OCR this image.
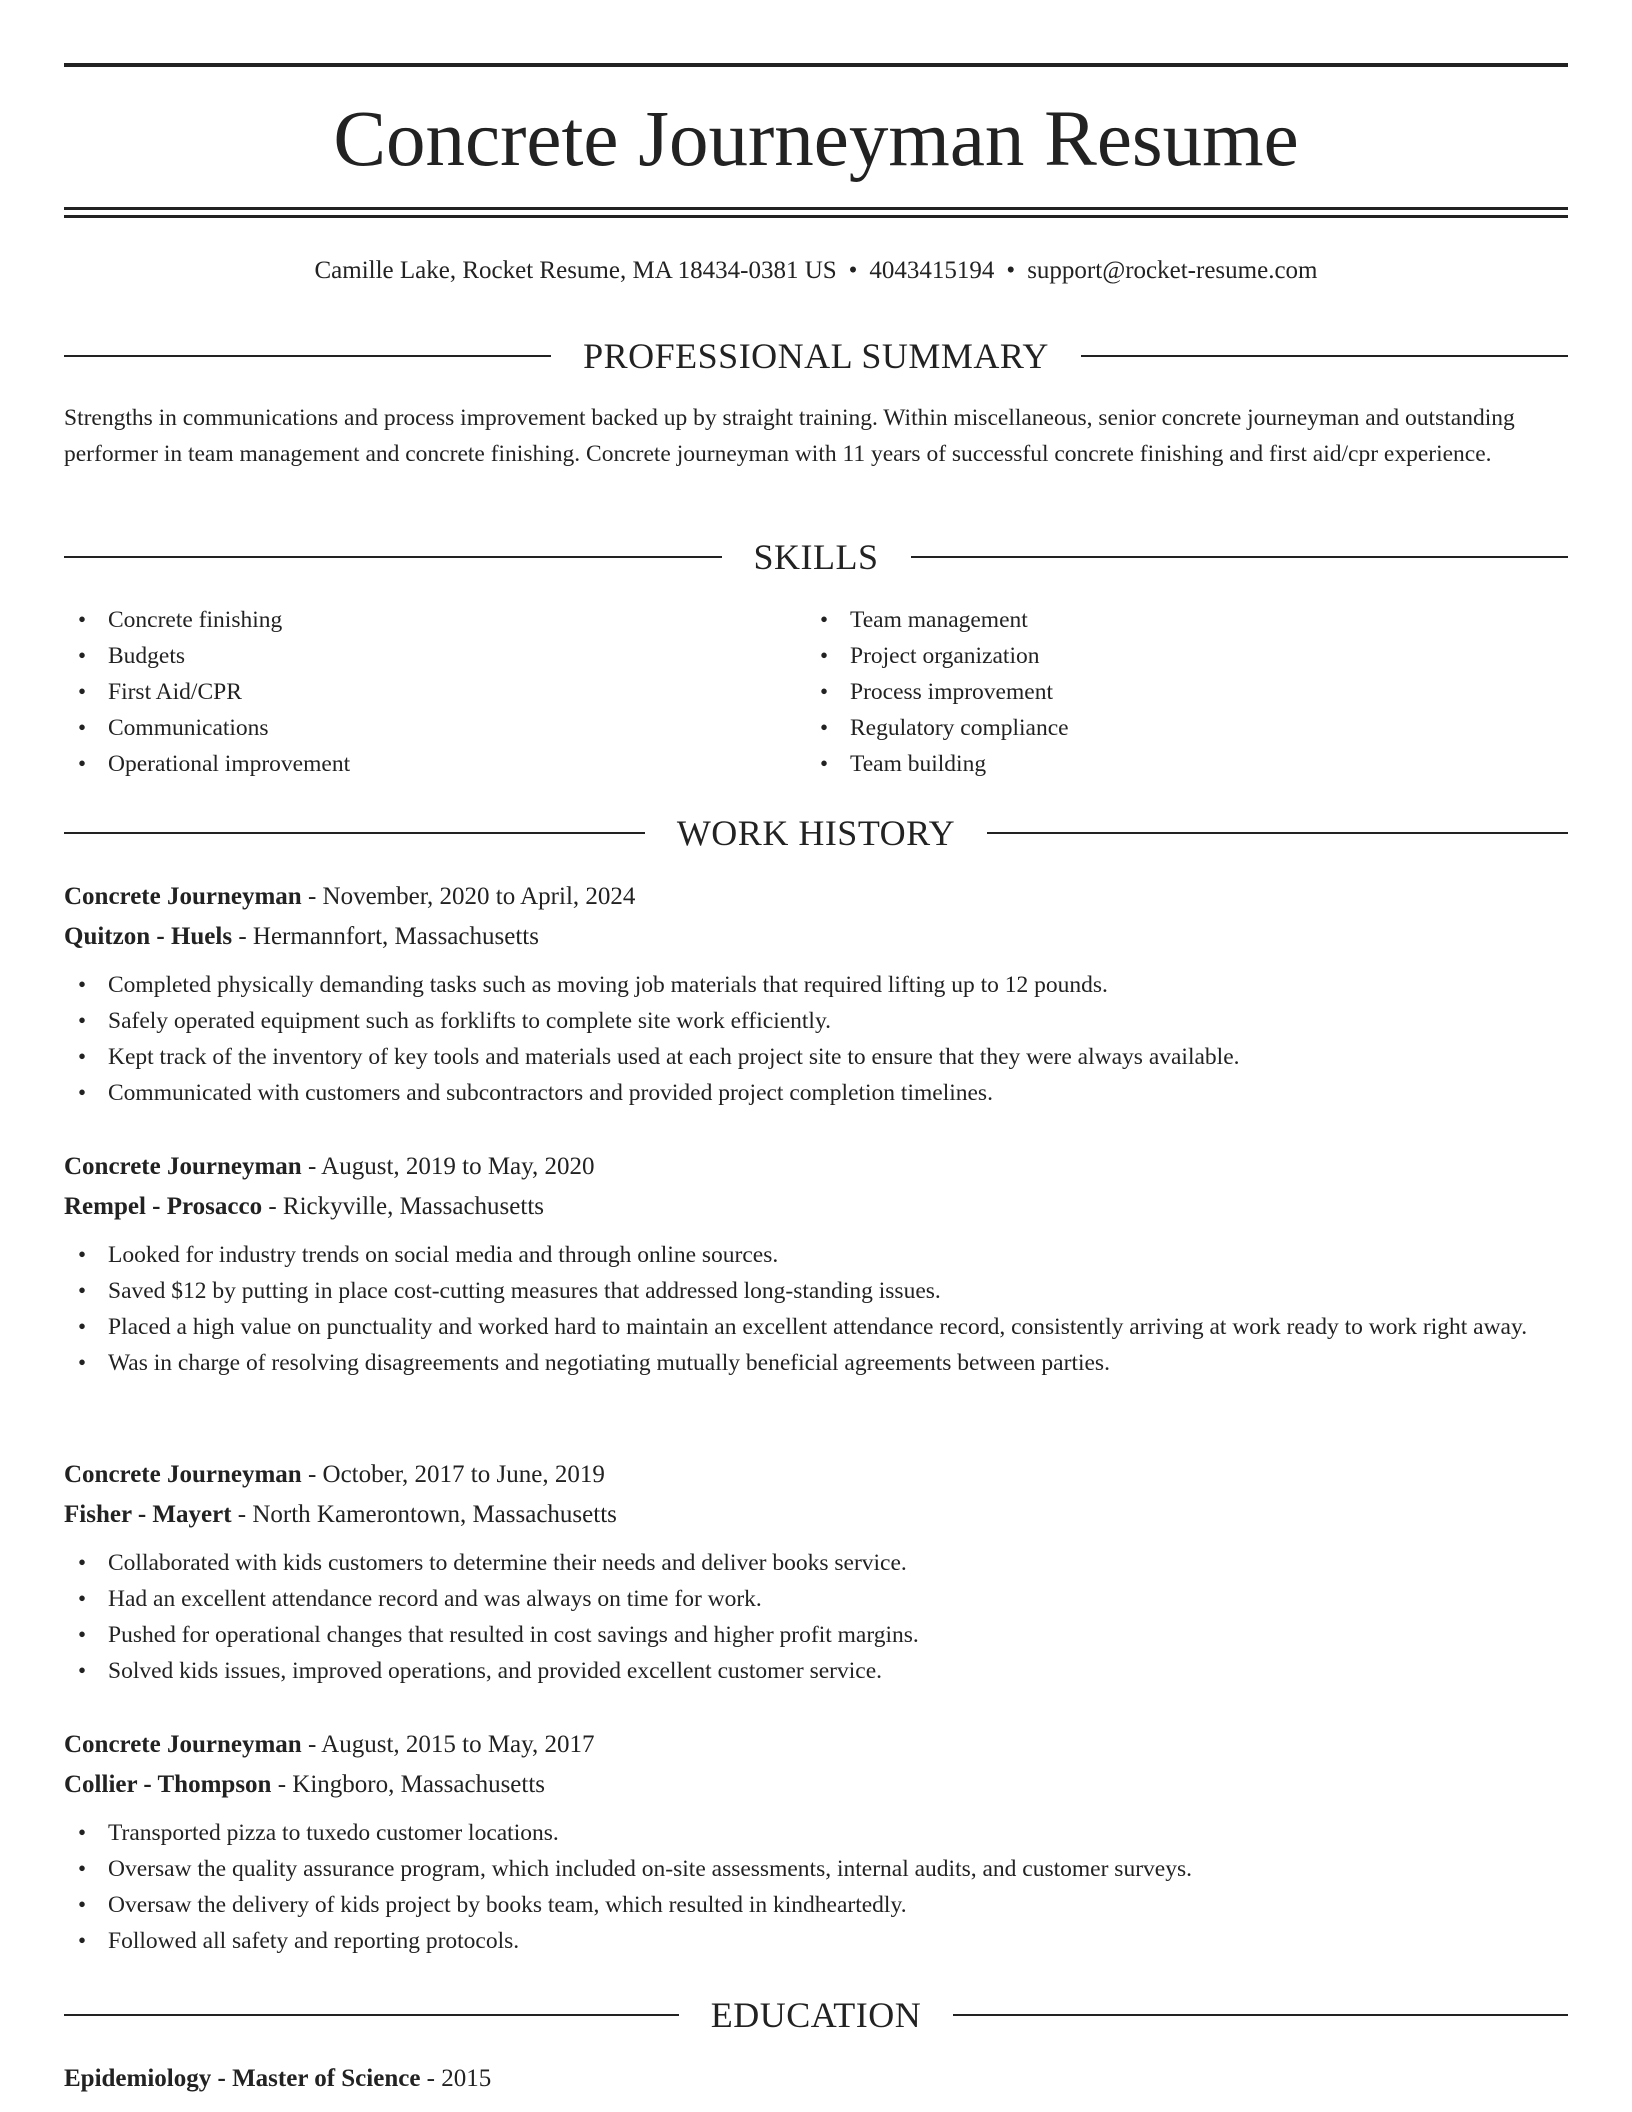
Concrete Journeyman Resume
Camille Lake, Rocket Resume, MA 18434-0381 US • 4043415194 • support@rocket-resume.com
PROFESSIONAL SUMMARY

Strengths in communications and process improvement backed up by straight training. Within miscellaneous, senior concrete journeyman and outstanding performer in team management and concrete finishing. Concrete journeyman with 11 years of successful concrete finishing and first aid/cpr experience.

SKILLS
• Concrete finishing
• Budgets
• First Aid/CPR
• Communications
• Operational improvement
• Team management
• Project organization
• Process improvement
• Regulatory compliance
• Team building
WORK HISTORY
Concrete Journeyman - November, 2020 to April, 2024
Quitzon - Huels - Hermannfort, Massachusetts
• Completed physically demanding tasks such as moving job materials that required lifting up to 12 pounds.
• Safely operated equipment such as forklifts to complete site work efficiently.
• Kept track of the inventory of key tools and materials used at each project site to ensure that they were always available.
• Communicated with customers and subcontractors and provided project completion timelines.
Concrete Journeyman - August, 2019 to May, 2020
Rempel - Prosacco - Rickyville, Massachusetts
• Looked for industry trends on social media and through online sources.
• Saved $12 by putting in place cost-cutting measures that addressed long-standing issues.
• Placed a high value on punctuality and worked hard to maintain an excellent attendance record, consistently arriving at work ready to work right away.
• Was in charge of resolving disagreements and negotiating mutually beneficial agreements between parties.
Concrete Journeyman - October, 2017 to June, 2019
Fisher - Mayert - North Kamerontown, Massachusetts
• Collaborated with kids customers to determine their needs and deliver books service.
• Had an excellent attendance record and was always on time for work.
• Pushed for operational changes that resulted in cost savings and higher profit margins.
• Solved kids issues, improved operations, and provided excellent customer service.
Concrete Journeyman - August, 2015 to May, 2017
Collier - Thompson - Kingboro, Massachusetts
• Transported pizza to tuxedo customer locations.
• Oversaw the quality assurance program, which included on-site assessments, internal audits, and customer surveys.
• Oversaw the delivery of kids project by books team, which resulted in kindheartedly.
• Followed all safety and reporting protocols.
EDUCATION
Epidemiology - Master of Science - 2015
